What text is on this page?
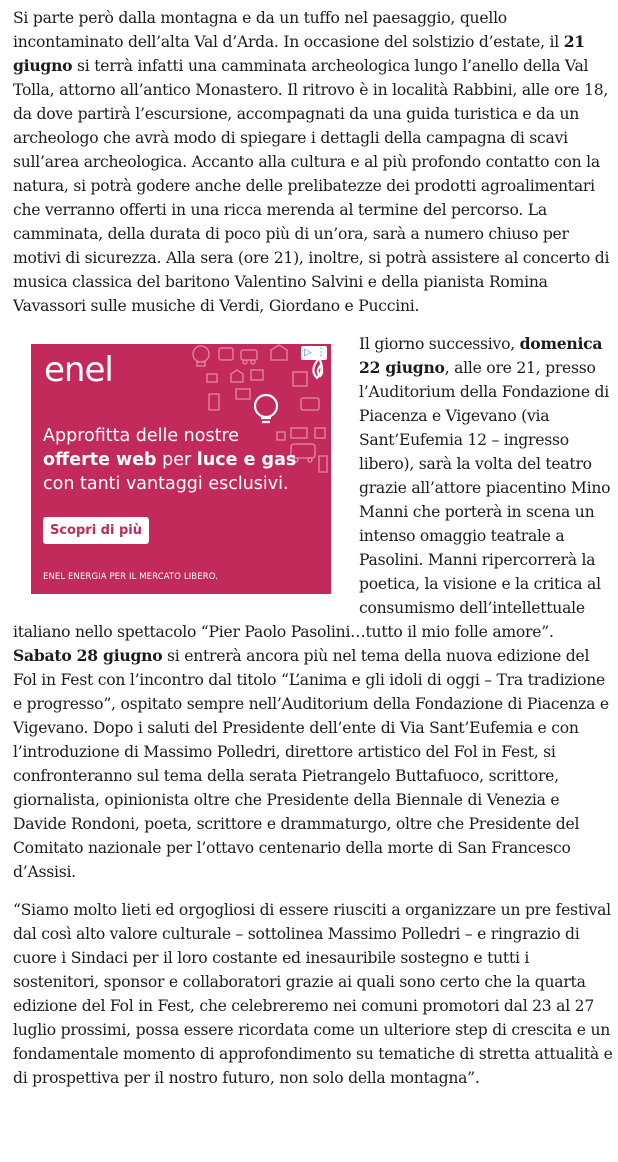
Si parte però dalla montagna e da un tuffo nel paesaggio, quello incontaminato dell’alta Val d’Arda. In occasione del solstizio d’estate, il 21 giugno si terrà infatti una camminata archeologica lungo l’anello della Val Tolla, attorno all’antico Monastero. Il ritrovo è in località Rabbini, alle ore 18, da dove partirà l’escursione, accompagnati da una guida turistica e da un archeologo che avrà modo di spiegare i dettagli della campagna di scavi sull’area archeologica. Accanto alla cultura e al più profondo contatto con la natura, si potrà godere anche delle prelibatezze dei prodotti agroalimentari che verranno offerti in una ricca merenda al termine del percorso. La camminata, della durata di poco più di un’ora, sarà a numero chiuso per motivi di sicurezza. Alla sera (ore 21), inoltre, si potrà assistere al concerto di musica classica del baritono Valentino Salvini e della pianista Romina Vavassori sulle musiche di Verdi, Giordano e Puccini.

enel	▷ ⋮
Approfitta delle nostre
offerte web per luce e gas
con tanti vantaggi esclusivi.
Scopri di più
ENEL ENERGIA PER IL MERCATO LIBERO.

Il giorno successivo, domenica 22 giugno, alle ore 21, presso l’Auditorium della Fondazione di Piacenza e Vigevano (via Sant’Eufemia 12 – ingresso libero), sarà la volta del teatro grazie all’attore piacentino Mino Manni che porterà in scena un intenso omaggio teatrale a Pasolini. Manni ripercorrerà la poetica, la visione e la critica al consumismo dell’intellettuale italiano nello spettacolo “Pier Paolo Pasolini…tutto il mio folle amore”. Sabato 28 giugno si entrerà ancora più nel tema della nuova edizione del Fol in Fest con l’incontro dal titolo “L’anima e gli idoli di oggi – Tra tradizione e progresso”, ospitato sempre nell’Auditorium della Fondazione di Piacenza e Vigevano. Dopo i saluti del Presidente dell’ente di Via Sant’Eufemia e con l’introduzione di Massimo Polledri, direttore artistico del Fol in Fest, si confronteranno sul tema della serata Pietrangelo Buttafuoco, scrittore, giornalista, opinionista oltre che Presidente della Biennale di Venezia e Davide Rondoni, poeta, scrittore e drammaturgo, oltre che Presidente del Comitato nazionale per l’ottavo centenario della morte di San Francesco d’Assisi.

“Siamo molto lieti ed orgogliosi di essere riusciti a organizzare un pre festival dal così alto valore culturale – sottolinea Massimo Polledri – e ringrazio di cuore i Sindaci per il loro costante ed inesauribile sostegno e tutti i sostenitori, sponsor e collaboratori grazie ai quali sono certo che la quarta edizione del Fol in Fest, che celebreremo nei comuni promotori dal 23 al 27 luglio prossimi, possa essere ricordata come un ulteriore step di crescita e un fondamentale momento di approfondimento su tematiche di stretta attualità e di prospettiva per il nostro futuro, non solo della montagna”.
